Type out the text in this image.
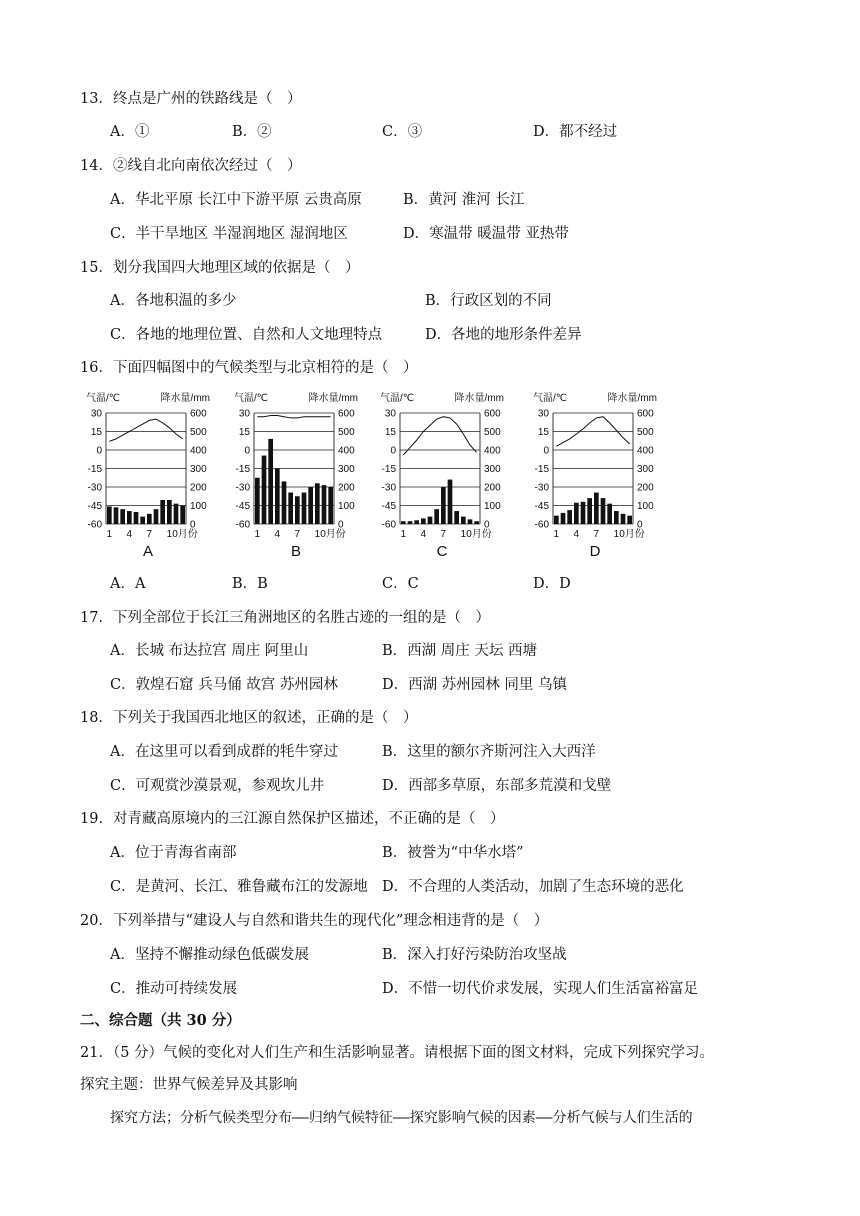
13．终点是广州的铁路线是（　）
A．①	B．②	C．③	D．都不经过
14．②线自北向南依次经过（　）
A．华北平原 长江中下游平原 云贵高原	B．黄河 淮河 长江
C．半干旱地区 半湿润地区 湿润地区	D．寒温带 暖温带 亚热带
15．划分我国四大地理区域的依据是（　）
A．各地积温的多少	B．行政区划的不同
C．各地的地理位置、自然和人文地理特点	D．各地的地形条件差异
16．下面四幅图中的气候类型与北京相符的是（　）
气温/℃	降水量/mm
30	600
15	500
0	400
-15	300
-30	200
-45	100
-60	0
1 4 7 10月份
A
气温/℃	降水量/mm
30	600
15	500
0	400
-15	300
-30	200
-45	100
-60	0
1 4 7 10月份
B
气温/℃	降水量/mm
30	600
15	500
0	400
-15	300
-30	200
-45	100
-60	0
1 4 7 10月份
C
气温/℃	降水量/mm
30	600
15	500
0	400
-15	300
-30	200
-45	100
-60	0
1 4 7 10月份
D
A．A	B．B	C．C	D．D
17．下列全部位于长江三角洲地区的名胜古迹的一组的是（　）
A．长城 布达拉宫 周庄 阿里山	B．西湖 周庄 天坛 西塘
C．敦煌石窟 兵马俑 故宫 苏州园林	D．西湖 苏州园林 同里 乌镇
18．下列关于我国西北地区的叙述，正确的是（　）
A．在这里可以看到成群的牦牛穿过	B．这里的额尔齐斯河注入大西洋
C．可观赏沙漠景观，参观坎儿井	D．西部多草原，东部多荒漠和戈壁
19．对青藏高原境内的三江源自然保护区描述，不正确的是（　）
A．位于青海省南部	B．被誉为“中华水塔”
C．是黄河、长江、雅鲁藏布江的发源地 D．不合理的人类活动，加剧了生态环境的恶化
20．下列举措与“建设人与自然和谐共生的现代化”理念相违背的是（　）
A．坚持不懈推动绿色低碳发展	B．深入打好污染防治攻坚战
C．推动可持续发展	D．不惜一切代价求发展，实现人们生活富裕富足
二、综合题（共 30 分）
21．（5 分）气候的变化对人们生产和生活影响显著。请根据下面的图文材料，完成下列探究学习。
探究主题：世界气候差异及其影响
探究方法；分析气候类型分布——归纳气候特征——探究影响气候的因素——分析气候与人们生活的
